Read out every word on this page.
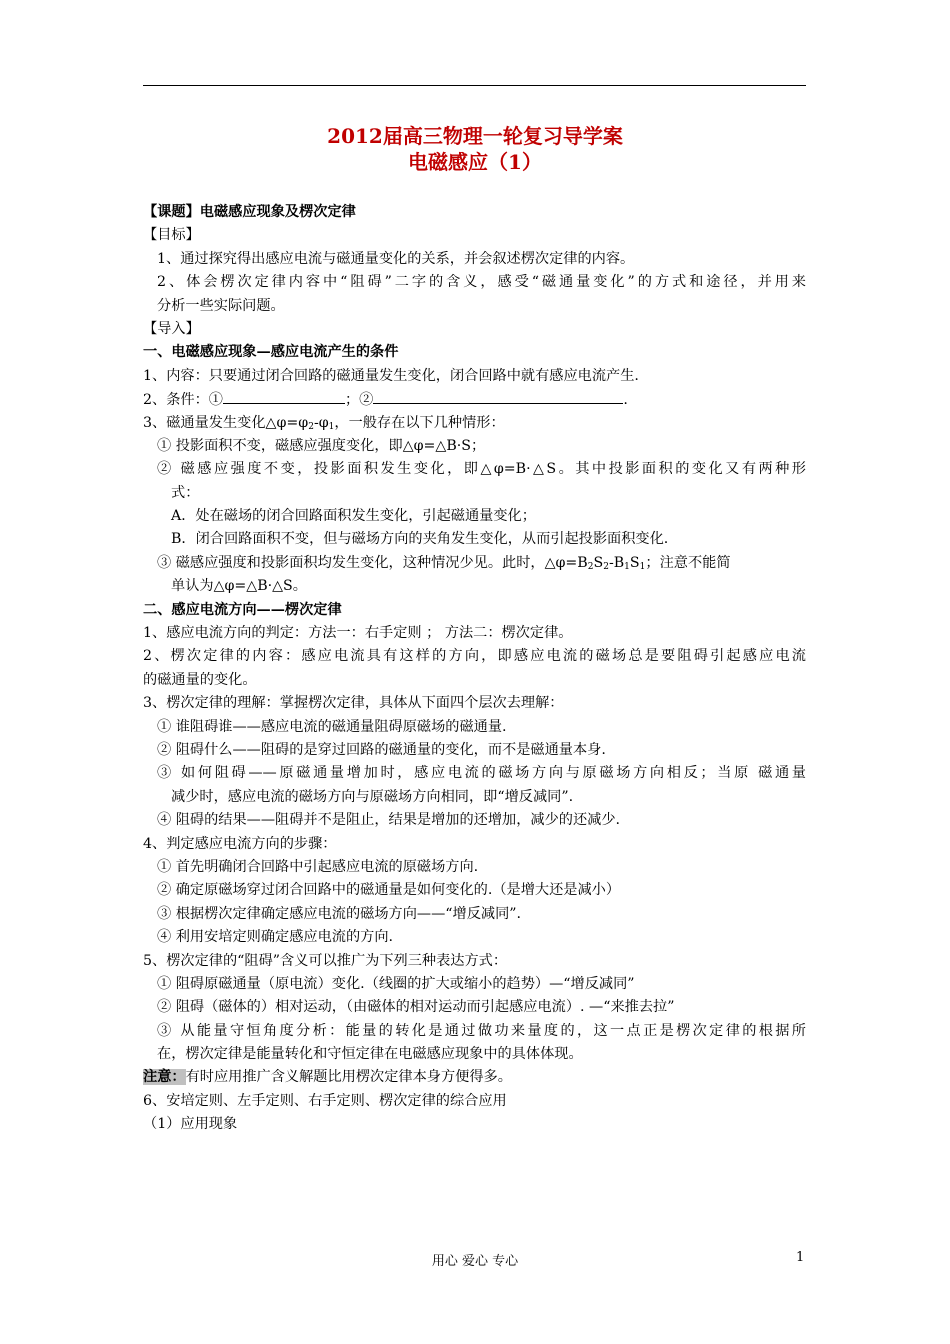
2012届高三物理一轮复习导学案
电磁感应（1）
【课题】电磁感应现象及楞次定律
【目标】
1、通过探究得出感应电流与磁通量变化的关系，并会叙述楞次定律的内容。
2、体会楞次定律内容中“阻碍”二字的含义，感受“磁通量变化”的方式和途径，并用来
分析一些实际问题。
【导入】
一、电磁感应现象—感应电流产生的条件
1、内容：只要通过闭合回路的磁通量发生变化，闭合回路中就有感应电流产生.
2、条件：①	；②	.
3、磁通量发生变化$\triangle\varphi=\varphi_2-\varphi_1$，一般存在以下几种情形：
① 投影面积不变，磁感应强度变化，即△φ=△B·S；
② 磁感应强度不变，投影面积发生变化，即△φ=B·△S。其中投影面积的变化又有两种形
式：
A．处在磁场的闭合回路面积发生变化，引起磁通量变化；
B．闭合回路面积不变，但与磁场方向的夹角发生变化，从而引起投影面积变化.
③ 磁感应强度和投影面积均发生变化，这种情况少见。此时，$\triangle\varphi=B_2S_2-B_1S_1$；注意不能简
单认为△φ=△B·△S。
二、感应电流方向——楞次定律
1、感应电流方向的判定：方法一：右手定则 ； 方法二：楞次定律。
2、楞次定律的内容：感应电流具有这样的方向，即感应电流的磁场总是要阻碍引起感应电流
的磁通量的变化。
3、楞次定律的理解：掌握楞次定律，具体从下面四个层次去理解：
① 谁阻碍谁——感应电流的磁通量阻碍原磁场的磁通量.
② 阻碍什么——阻碍的是穿过回路的磁通量的变化，而不是磁通量本身.
③ 如何阻碍——原磁通量增加时，感应电流的磁场方向与原磁场方向相反；当原 磁通量
减少时，感应电流的磁场方向与原磁场方向相同，即“增反减同”.
④ 阻碍的结果——阻碍并不是阻止，结果是增加的还增加，减少的还减少.
4、判定感应电流方向的步骤：
① 首先明确闭合回路中引起感应电流的原磁场方向.
② 确定原磁场穿过闭合回路中的磁通量是如何变化的.（是增大还是减小）
③ 根据楞次定律确定感应电流的磁场方向——“增反减同”.
④ 利用安培定则确定感应电流的方向.
5、楞次定律的“阻碍”含义可以推广为下列三种表达方式：
① 阻碍原磁通量（原电流）变化.（线圈的扩大或缩小的趋势）—“增反减同”
② 阻碍（磁体的）相对运动，（由磁体的相对运动而引起感应电流）. —“来推去拉”
③ 从能量守恒角度分析：能量的转化是通过做功来量度的，这一点正是楞次定律的根据所
在，楞次定律是能量转化和守恒定律在电磁感应现象中的具体体现。
注意：有时应用推广含义解题比用楞次定律本身方便得多。
6、安培定则、左手定则、右手定则、楞次定律的综合应用
（1）应用现象
用心 爱心 专心	1
